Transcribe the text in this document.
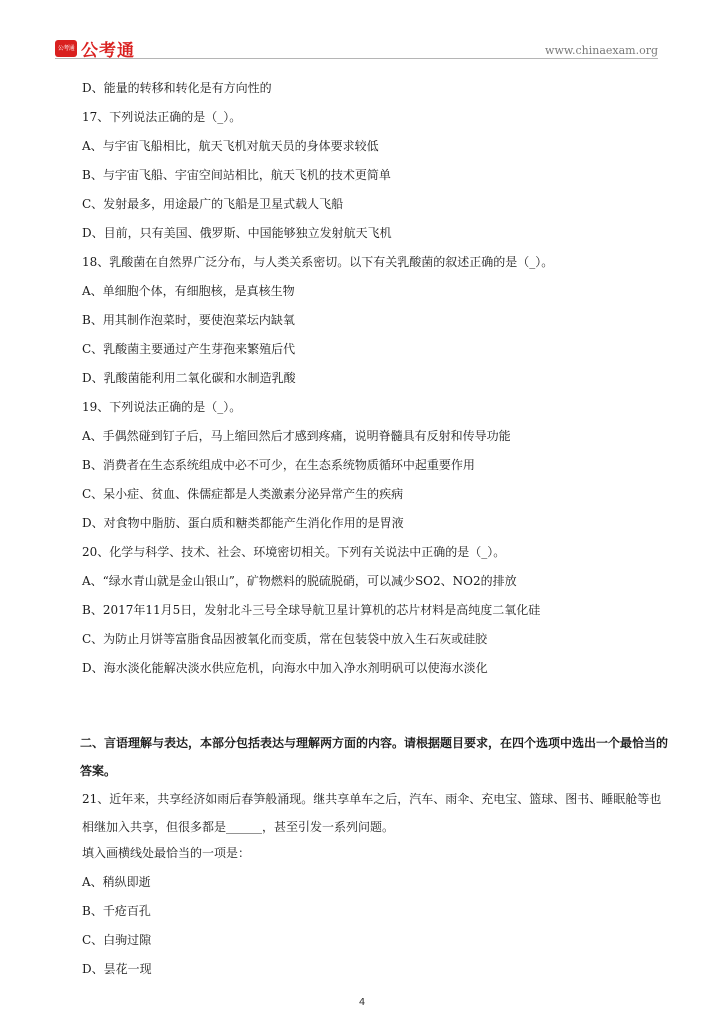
公考通 公考通	www.chinaexam.org
D、能量的转移和转化是有方向性的
17、下列说法正确的是（_）。
A、与宇宙飞船相比，航天飞机对航天员的身体要求较低
B、与宇宙飞船、宇宙空间站相比，航天飞机的技术更简单
C、发射最多，用途最广的飞船是卫星式载人飞船
D、目前，只有美国、俄罗斯、中国能够独立发射航天飞机
18、乳酸菌在自然界广泛分布，与人类关系密切。以下有关乳酸菌的叙述正确的是（_）。
A、单细胞个体，有细胞核，是真核生物
B、用其制作泡菜时，要使泡菜坛内缺氧
C、乳酸菌主要通过产生芽孢来繁殖后代
D、乳酸菌能利用二氧化碳和水制造乳酸
19、下列说法正确的是（_）。
A、手偶然碰到钉子后，马上缩回然后才感到疼痛，说明脊髓具有反射和传导功能
B、消费者在生态系统组成中必不可少，在生态系统物质循环中起重要作用
C、呆小症、贫血、侏儒症都是人类激素分泌异常产生的疾病
D、对食物中脂肪、蛋白质和糖类都能产生消化作用的是胃液
20、化学与科学、技术、社会、环境密切相关。下列有关说法中正确的是（_）。
A、“绿水青山就是金山银山”，矿物燃料的脱硫脱硝，可以减少SO2、NO2的排放
B、2017年11月5日，发射北斗三号全球导航卫星计算机的芯片材料是高纯度二氧化硅
C、为防止月饼等富脂食品因被氧化而变质，常在包装袋中放入生石灰或硅胶
D、海水淡化能解决淡水供应危机，向海水中加入净水剂明矾可以使海水淡化
二、言语理解与表达，本部分包括表达与理解两方面的内容。请根据题目要求，在四个选项中选出一个最恰当的答案。
21、近年来，共享经济如雨后春笋般涌现。继共享单车之后，汽车、雨伞、充电宝、篮球、图书、睡眠舱等也相继加入共享，但很多都是______，甚至引发一系列问题。
填入画横线处最恰当的一项是：
A、稍纵即逝
B、千疮百孔
C、白驹过隙
D、昙花一现
4
